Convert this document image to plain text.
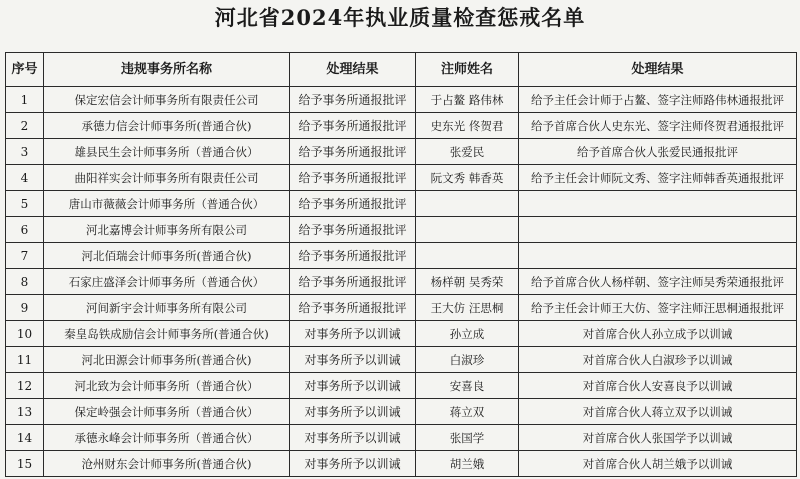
河北省2024年执业质量检查惩戒名单
序号	违规事务所名称	处理结果	注师姓名	处理结果
1	保定宏信会计师事务所有限责任公司	给予事务所通报批评	于占鳌 路伟林	给予主任会计师于占鳌、签字注师路伟林通报批评
2	承德力信会计师事务所(普通合伙)	给予事务所通报批评	史东光 佟贺君	给予首席合伙人史东光、签字注师佟贺君通报批评
3	雄县民生会计师事务所（普通合伙）	给予事务所通报批评	张爱民	给予首席合伙人张爱民通报批评
4	曲阳祥实会计师事务所有限责任公司	给予事务所通报批评	阮文秀 韩香英	给予主任会计师阮文秀、签字注师韩香英通报批评
5	唐山市薇薇会计师事务所（普通合伙）	给予事务所通报批评		
6	河北嘉博会计师事务所有限公司	给予事务所通报批评		
7	河北佰瑞会计师事务所(普通合伙)	给予事务所通报批评		
8	石家庄盛泽会计师事务所（普通合伙）	给予事务所通报批评	杨样朝 吴秀荣	给予首席合伙人杨样朝、签字注师吴秀荣通报批评
9	河间新宇会计师事务所有限公司	给予事务所通报批评	王大仿 汪思桐	给予主任会计师王大仿、签字注师汪思桐通报批评
10	秦皇岛铁成励信会计师事务所(普通合伙)	对事务所予以训诫	孙立成	对首席合伙人孙立成予以训诫
11	河北田源会计师事务所(普通合伙)	对事务所予以训诫	白淑珍	对首席合伙人白淑珍予以训诫
12	河北致为会计师事务所（普通合伙）	对事务所予以训诫	安喜良	对首席合伙人安喜良予以训诫
13	保定岭强会计师事务所（普通合伙）	对事务所予以训诫	蒋立双	对首席合伙人蒋立双予以训诫
14	承德永峰会计师事务所（普通合伙）	对事务所予以训诫	张国学	对首席合伙人张国学予以训诫
15	沧州财东会计师事务所(普通合伙)	对事务所予以训诫	胡兰娥	对首席合伙人胡兰娥予以训诫
